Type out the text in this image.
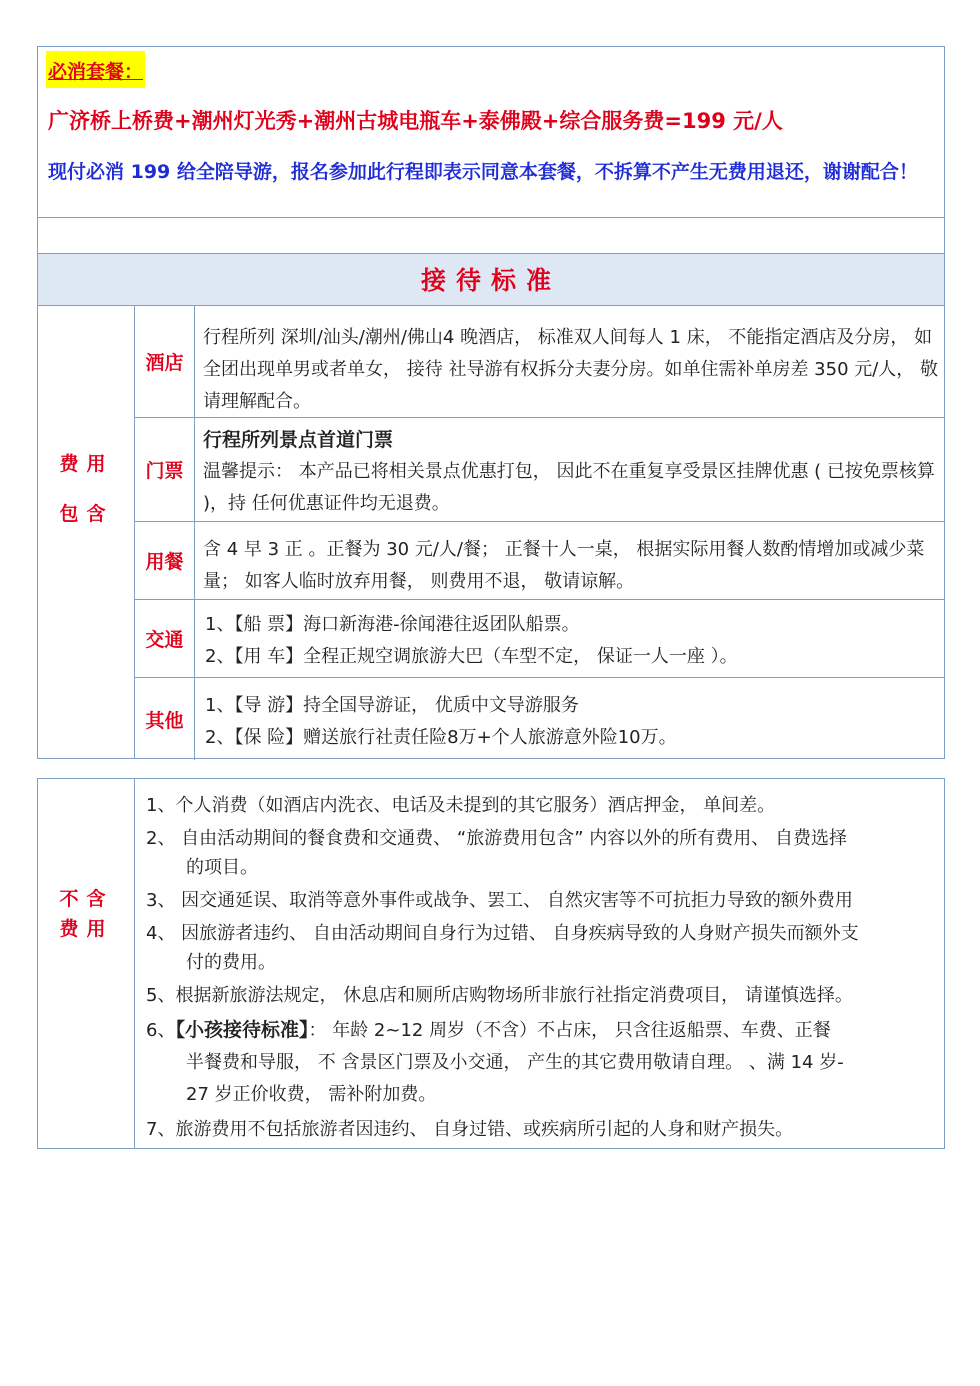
必消套餐：
广济桥上桥费+潮州灯光秀+潮州古城电瓶车+泰佛殿+综合服务费=199 元/人
现付必消 199 给全陪导游，报名参加此行程即表示同意本套餐，不拆算不产生无费用退还，谢谢配合！
接待标准
费用
包含
酒店
行程所列 深圳/汕头/潮州/佛山4 晚酒店， 标准双人间每人 1 床， 不能指定酒店及分房， 如全团出现单男或者单女， 接待 社导游有权拆分夫妻分房。如单住需补单房差 350 元/人， 敬请理解配合。
门票
行程所列景点首道门票
温馨提示： 本产品已将相关景点优惠打包， 因此不在重复享受景区挂牌优惠 ( 已按免票核算 )，持 任何优惠证件均无退费。
用餐
含 4 早 3 正 。正餐为 30 元/人/餐； 正餐十人一桌， 根据实际用餐人数酌情增加或减少菜量； 如客人临时放弃用餐， 则费用不退， 敬请谅解。
交通
1、【船 票】海口新海港-徐闻港往返团队船票。
2、【用 车】全程正规空调旅游大巴（车型不定， 保证一人一座 ）。
其他
1、【导 游】持全国导游证， 优质中文导游服务
2、【保 险】赠送旅行社责任险8万+个人旅游意外险10万。
不含
费用
1、个人消费（如酒店内洗衣、电话及未提到的其它服务）酒店押金， 单间差。
2、 自由活动期间的餐食费和交通费、 “旅游费用包含” 内容以外的所有费用、 自费选择
的项目。
3、 因交通延误、取消等意外事件或战争、罢工、 自然灾害等不可抗拒力导致的额外费用
4、 因旅游者违约、 自由活动期间自身行为过错、 自身疾病导致的人身财产损失而额外支
付的费用。
5、根据新旅游法规定， 休息店和厕所店购物场所非旅行社指定消费项目， 请谨慎选择。
6、【小孩接待标准】： 年龄 2~12 周岁（不含）不占床， 只含往返船票、车费、正餐
半餐费和导服， 不 含景区门票及小交通， 产生的其它费用敬请自理。 、满 14 岁-
27 岁正价收费， 需补附加费。
7、旅游费用不包括旅游者因违约、 自身过错、或疾病所引起的人身和财产损失。
